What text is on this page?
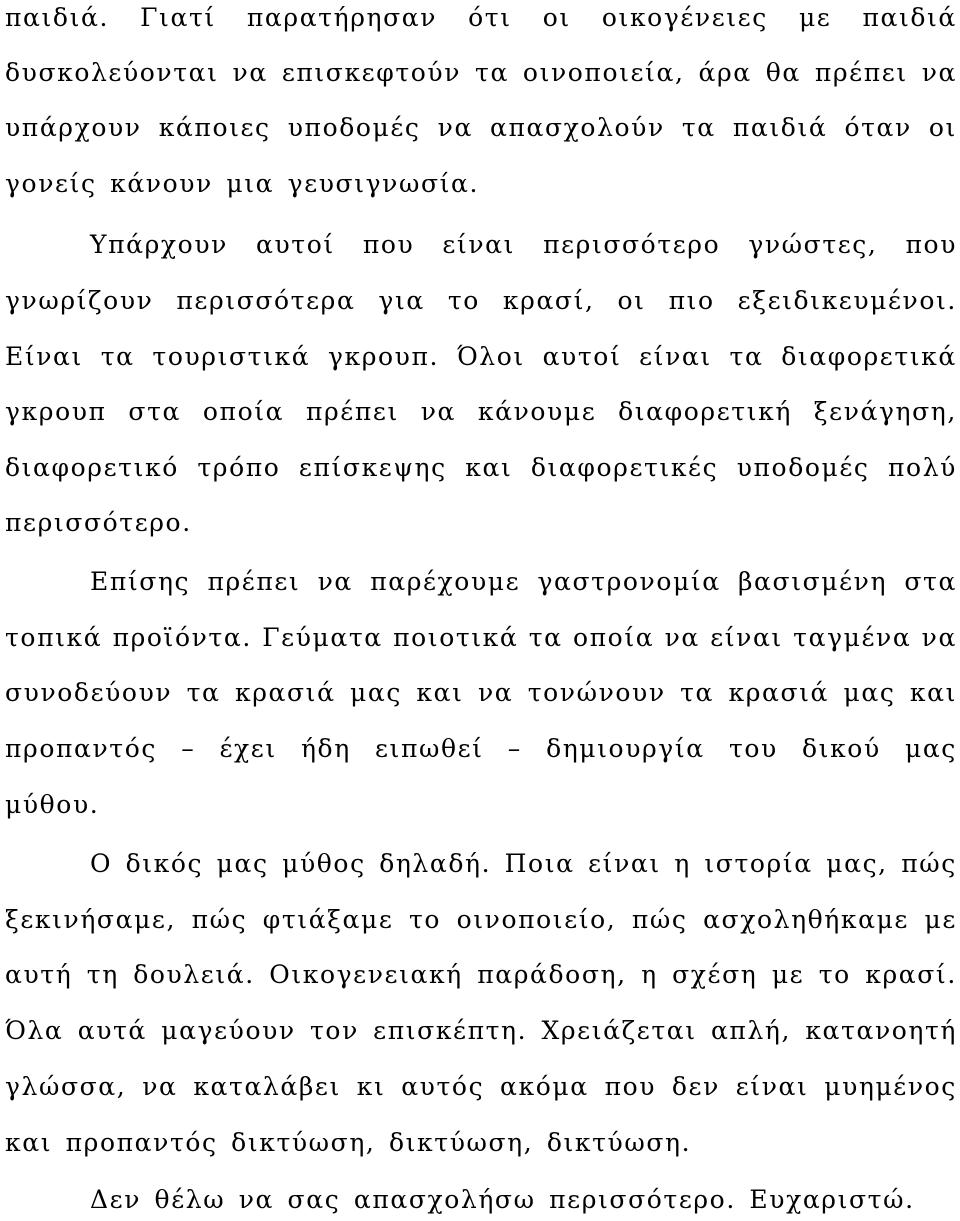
παιδιά. Γιατί παρατήρησαν ότι οι οικογένειες με παιδιά

δυσκολεύονται να επισκεφτούν τα οινοποιεία, άρα θα πρέπει να

υπάρχουν κάποιες υποδομές να απασχολούν τα παιδιά όταν οι

γονείς κάνουν μια γευσιγνωσία.

Υπάρχουν αυτοί που είναι περισσότερο γνώστες, που

γνωρίζουν περισσότερα για το κρασί, οι πιο εξειδικευμένοι.

Είναι τα τουριστικά γκρουπ. Όλοι αυτοί είναι τα διαφορετικά

γκρουπ στα οποία πρέπει να κάνουμε διαφορετική ξενάγηση,

διαφορετικό τρόπο επίσκεψης και διαφορετικές υποδομές πολύ

περισσότερο.

Επίσης πρέπει να παρέχουμε γαστρονομία βασισμένη στα

τοπικά προϊόντα. Γεύματα ποιοτικά τα οποία να είναι ταγμένα να

συνοδεύουν τα κρασιά μας και να τονώνουν τα κρασιά μας και

προπαντός – έχει ήδη ειπωθεί – δημιουργία του δικού μας

μύθου.

Ο δικός μας μύθος δηλαδή. Ποια είναι η ιστορία μας, πώς

ξεκινήσαμε, πώς φτιάξαμε το οινοποιείο, πώς ασχοληθήκαμε με

αυτή τη δουλειά. Οικογενειακή παράδοση, η σχέση με το κρασί.

Όλα αυτά μαγεύουν τον επισκέπτη. Χρειάζεται απλή, κατανοητή

γλώσσα, να καταλάβει κι αυτός ακόμα που δεν είναι μυημένος

και προπαντός δικτύωση, δικτύωση, δικτύωση.

Δεν θέλω να σας απασχολήσω περισσότερο. Ευχαριστώ.
